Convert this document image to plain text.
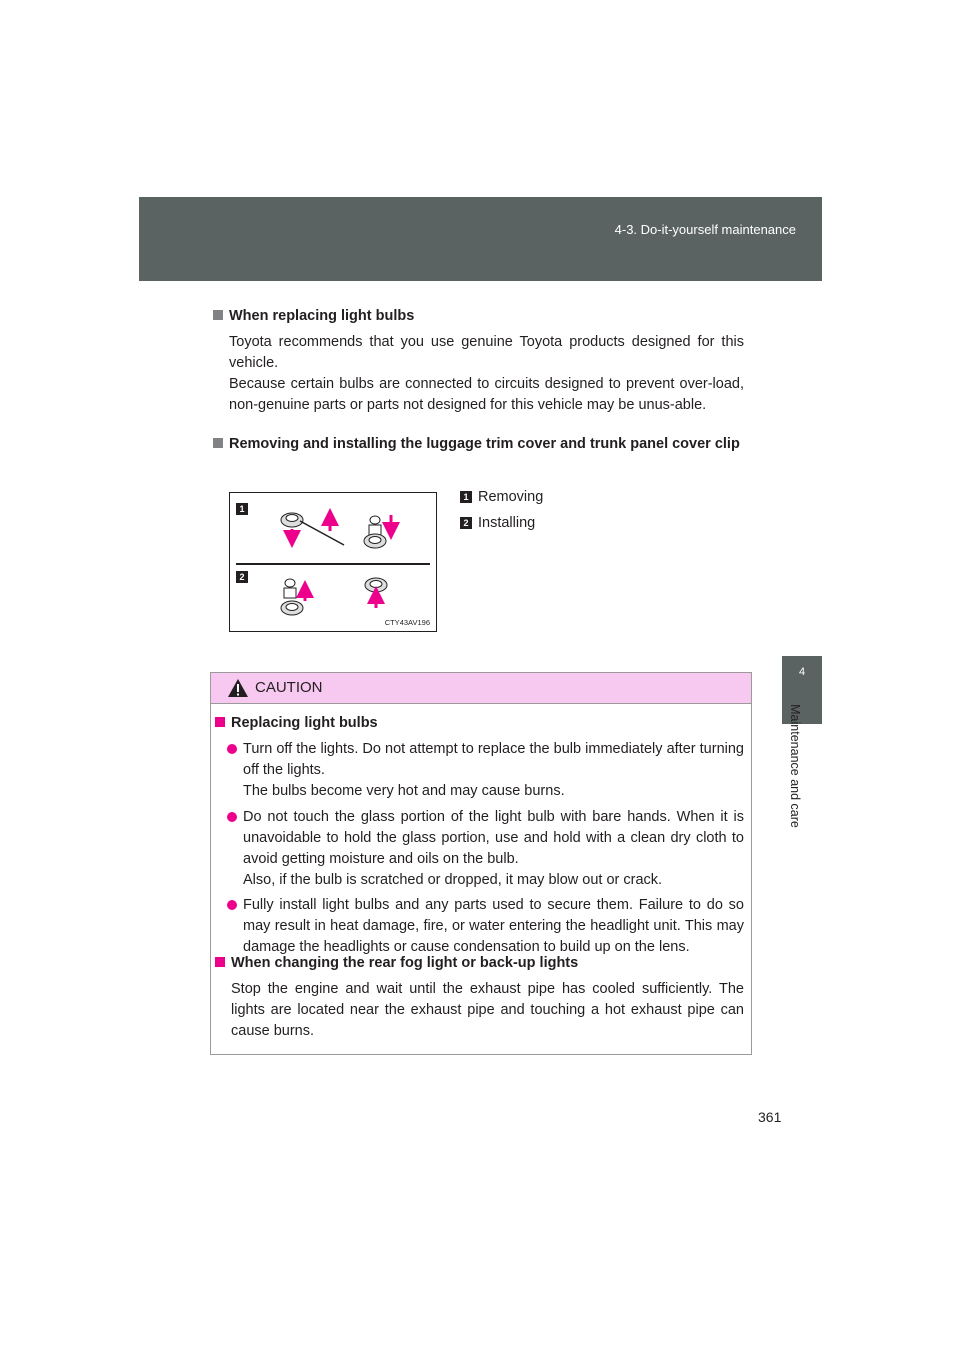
4-3. Do-it-yourself maintenance
4
Maintenance and care
When replacing light bulbs
Toyota recommends that you use genuine Toyota products designed for this vehicle.
Because certain bulbs are connected to circuits designed to prevent over-load, non-genuine parts or parts not designed for this vehicle may be unus-able.
Removing and installing the luggage trim cover and trunk panel cover clip
1
2
CTY43AV196
1 Removing
2 Installing
CAUTION
Replacing light bulbs
Turn off the lights. Do not attempt to replace the bulb immediately after turning off the lights.
The bulbs become very hot and may cause burns.
Do not touch the glass portion of the light bulb with bare hands. When it is unavoidable to hold the glass portion, use and hold with a clean dry cloth to avoid getting moisture and oils on the bulb.
Also, if the bulb is scratched or dropped, it may blow out or crack.
Fully install light bulbs and any parts used to secure them. Failure to do so may result in heat damage, fire, or water entering the headlight unit. This may damage the headlights or cause condensation to build up on the lens.
When changing the rear fog light or back-up lights
Stop the engine and wait until the exhaust pipe has cooled sufficiently. The lights are located near the exhaust pipe and touching a hot exhaust pipe can cause burns.
361
